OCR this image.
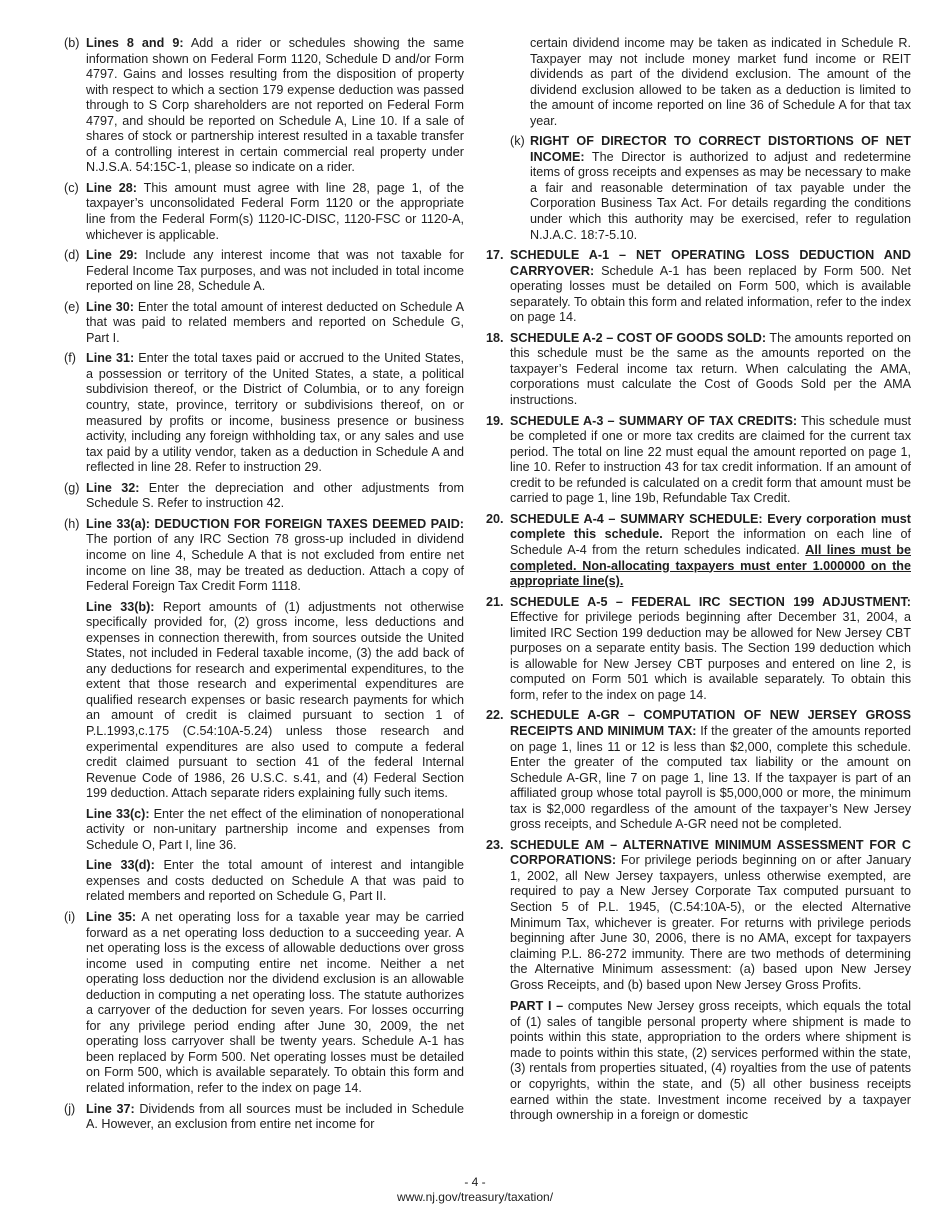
(b) Lines 8 and 9: Add a rider or schedules showing the same information shown on Federal Form 1120, Schedule D and/or Form 4797. Gains and losses resulting from the disposition of property with respect to which a section 179 expense deduction was passed through to S Corp shareholders are not reported on Federal Form 4797, and should be reported on Schedule A, Line 10. If a sale of shares of stock or partnership interest resulted in a taxable transfer of a controlling interest in certain commercial real property under N.J.S.A. 54:15C-1, please so indicate on a rider.
(c) Line 28: This amount must agree with line 28, page 1, of the taxpayer’s unconsolidated Federal Form 1120 or the appropriate line from the Federal Form(s) 1120-IC-DISC, 1120-FSC or 1120-A, whichever is applicable.
(d) Line 29: Include any interest income that was not taxable for Federal Income Tax purposes, and was not included in total income reported on line 28, Schedule A.
(e) Line 30: Enter the total amount of interest deducted on Schedule A that was paid to related members and reported on Schedule G, Part I.
(f) Line 31: Enter the total taxes paid or accrued to the United States, a possession or territory of the United States, a state, a political subdivision thereof, or the District of Columbia, or to any foreign country, state, province, territory or subdivisions thereof, on or measured by profits or income, business presence or business activity, including any foreign withholding tax, or any sales and use tax paid by a utility vendor, taken as a deduction in Schedule A and reflected in line 28. Refer to instruction 29.
(g) Line 32: Enter the depreciation and other adjustments from Schedule S. Refer to instruction 42.
(h) Line 33(a): DEDUCTION FOR FOREIGN TAXES DEEMED PAID: The portion of any IRC Section 78 gross-up included in dividend income on line 4, Schedule A that is not excluded from entire net income on line 38, may be treated as deduction. Attach a copy of Federal Foreign Tax Credit Form 1118.
Line 33(b): Report amounts of (1) adjustments not otherwise specifically provided for, (2) gross income, less deductions and expenses in connection therewith, from sources outside the United States, not included in Federal taxable income, (3) the add back of any deductions for research and experimental expenditures, to the extent that those research and experimental expenditures are qualified research expenses or basic research payments for which an amount of credit is claimed pursuant to section 1 of P.L.1993,c.175 (C.54:10A-5.24) unless those research and experimental expenditures are also used to compute a federal credit claimed pursuant to section 41 of the federal Internal Revenue Code of 1986, 26 U.S.C. s.41, and (4) Federal Section 199 deduction. Attach separate riders explaining fully such items.
Line 33(c): Enter the net effect of the elimination of nonoperational activity or non-unitary partnership income and expenses from Schedule O, Part I, line 36.
Line 33(d): Enter the total amount of interest and intangible expenses and costs deducted on Schedule A that was paid to related members and reported on Schedule G, Part II.
(i) Line 35: A net operating loss for a taxable year may be carried forward as a net operating loss deduction to a succeeding year. A net operating loss is the excess of allowable deductions over gross income used in computing entire net income. Neither a net operating loss deduction nor the dividend exclusion is an allowable deduction in computing a net operating loss. The statute authorizes a carryover of the deduction for seven years. For losses occurring for any privilege period ending after June 30, 2009, the net operating loss carryover shall be twenty years. Schedule A-1 has been replaced by Form 500. Net operating losses must be detailed on Form 500, which is available separately. To obtain this form and related information, refer to the index on page 14.
(j) Line 37: Dividends from all sources must be included in Schedule A. However, an exclusion from entire net income for

certain dividend income may be taken as indicated in Schedule R. Taxpayer may not include money market fund income or REIT dividends as part of the dividend exclusion. The amount of the dividend exclusion allowed to be taken as a deduction is limited to the amount of income reported on line 36 of Schedule A for that tax year.

(k) RIGHT OF DIRECTOR TO CORRECT DISTORTIONS OF NET INCOME: The Director is authorized to adjust and redetermine items of gross receipts and expenses as may be necessary to make a fair and reasonable determination of tax payable under the Corporation Business Tax Act. For details regarding the conditions under which this authority may be exercised, refer to regulation N.J.A.C. 18:7-5.10.
17. SCHEDULE A-1 – NET OPERATING LOSS DEDUCTION AND CARRYOVER: Schedule A-1 has been replaced by Form 500. Net operating losses must be detailed on Form 500, which is available separately. To obtain this form and related information, refer to the index on page 14.
18. SCHEDULE A-2 – COST OF GOODS SOLD: The amounts reported on this schedule must be the same as the amounts reported on the taxpayer’s Federal income tax return. When calculating the AMA, corporations must calculate the Cost of Goods Sold per the AMA instructions.
19. SCHEDULE A-3 – SUMMARY OF TAX CREDITS: This schedule must be completed if one or more tax credits are claimed for the current tax period. The total on line 22 must equal the amount reported on page 1, line 10. Refer to instruction 43 for tax credit information. If an amount of credit to be refunded is calculated on a credit form that amount must be carried to page 1, line 19b, Refundable Tax Credit.
20. SCHEDULE A-4 – SUMMARY SCHEDULE: Every corporation must complete this schedule. Report the information on each line of Schedule A-4 from the return schedules indicated. All lines must be completed. Non-allocating taxpayers must enter 1.000000 on the appropriate line(s).
21. SCHEDULE A-5 – FEDERAL IRC SECTION 199 ADJUSTMENT: Effective for privilege periods beginning after December 31, 2004, a limited IRC Section 199 deduction may be allowed for New Jersey CBT purposes on a separate entity basis. The Section 199 deduction which is allowable for New Jersey CBT purposes and entered on line 2, is computed on Form 501 which is available separately. To obtain this form, refer to the index on page 14.
22. SCHEDULE A-GR – COMPUTATION OF NEW JERSEY GROSS RECEIPTS AND MINIMUM TAX: If the greater of the amounts reported on page 1, lines 11 or 12 is less than $2,000, complete this schedule. Enter the greater of the computed tax liability or the amount on Schedule A-GR, line 7 on page 1, line 13. If the taxpayer is part of an affiliated group whose total payroll is $5,000,000 or more, the minimum tax is $2,000 regardless of the amount of the taxpayer’s New Jersey gross receipts, and Schedule A-GR need not be completed.
23. SCHEDULE AM – ALTERNATIVE MINIMUM ASSESSMENT FOR C CORPORATIONS: For privilege periods beginning on or after January 1, 2002, all New Jersey taxpayers, unless otherwise exempted, are required to pay a New Jersey Corporate Tax computed pursuant to Section 5 of P.L. 1945, (C.54:10A-5), or the elected Alternative Minimum Tax, whichever is greater. For returns with privilege periods beginning after June 30, 2006, there is no AMA, except for taxpayers claiming P.L. 86-272 immunity. There are two methods of determining the Alternative Minimum assessment: (a) based upon New Jersey Gross Receipts, and (b) based upon New Jersey Gross Profits.
PART I – computes New Jersey gross receipts, which equals the total of (1) sales of tangible personal property where shipment is made to points within this state, appropriation to the orders where shipment is made to points within this state, (2) services performed within the state, (3) rentals from properties situated, (4) royalties from the use of patents or copyrights, within the state, and (5) all other business receipts earned within the state. Investment income received by a taxpayer through ownership in a foreign or domestic
- 4 -
www.nj.gov/treasury/taxation/
